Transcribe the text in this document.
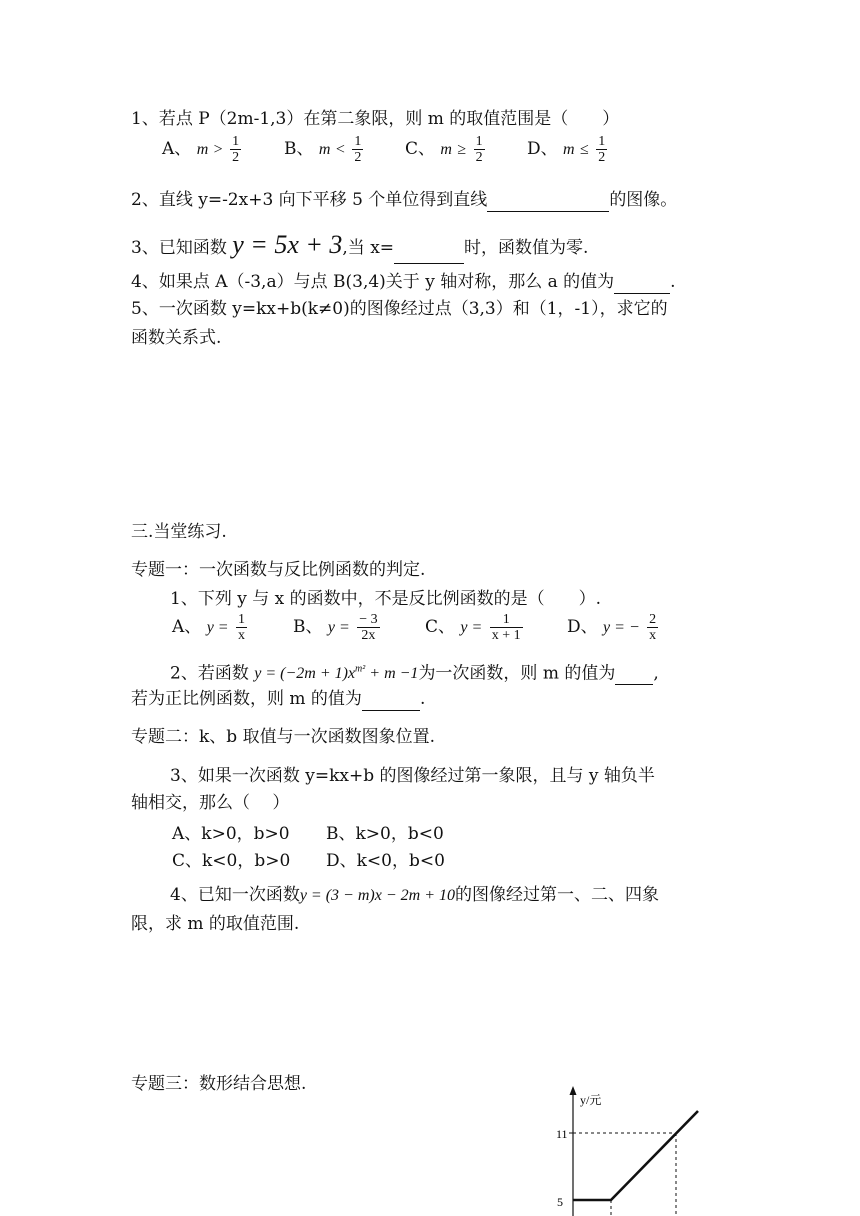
1、若点 P（2m-1,3）在第二象限，则 m 的取值范围是（　　）
A、 $m > \frac{1}{2}$	B、 $m < \frac{1}{2}$ C、 $m \ge \frac{1}{2}$ D、 $m \le \frac{1}{2}$
2、直线 y=-2x+3 向下平移 5 个单位得到直线	的图像。
3、已知函数 y = 5x + 3,当 x=	时，函数值为零.
4、如果点 A（-3,a）与点 B(3,4)关于 y 轴对称，那么 a 的值为	.
5、一次函数 y=kx+b(k≠0)的图像经过点（3,3）和（1，-1），求它的
函数关系式.
三.当堂练习.
专题一：一次函数与反比例函数的判定.
1、下列 y 与 x 的函数中，不是反比例函数的是（　　）.
A、 $y = \frac{1}{x}$	B、 $y = \frac{- 3}{2x}$	C、 $y = \frac{1}{x + 1}$	D、 y = − $\frac{2}{x}$
2、若函数 $y = (-2m + 1)x^{m^2} + m -1$为一次函数，则 m 的值为 ,
若为正比例函数，则 m 的值为	.
专题二：k、b 取值与一次函数图象位置.
3、如果一次函数 y=kx+b 的图像经过第一象限，且与 y 轴负半
轴相交，那么（　 ）
A、k>0，b>0 B、k>0，b<0
C、k<0，b>0 D、k<0，b<0
4、已知一次函数y = (3 − m)x − 2m + 10的图像经过第一、二、四象
限，求 m 的取值范围.
专题三：数形结合思想.
y/元
11
5
